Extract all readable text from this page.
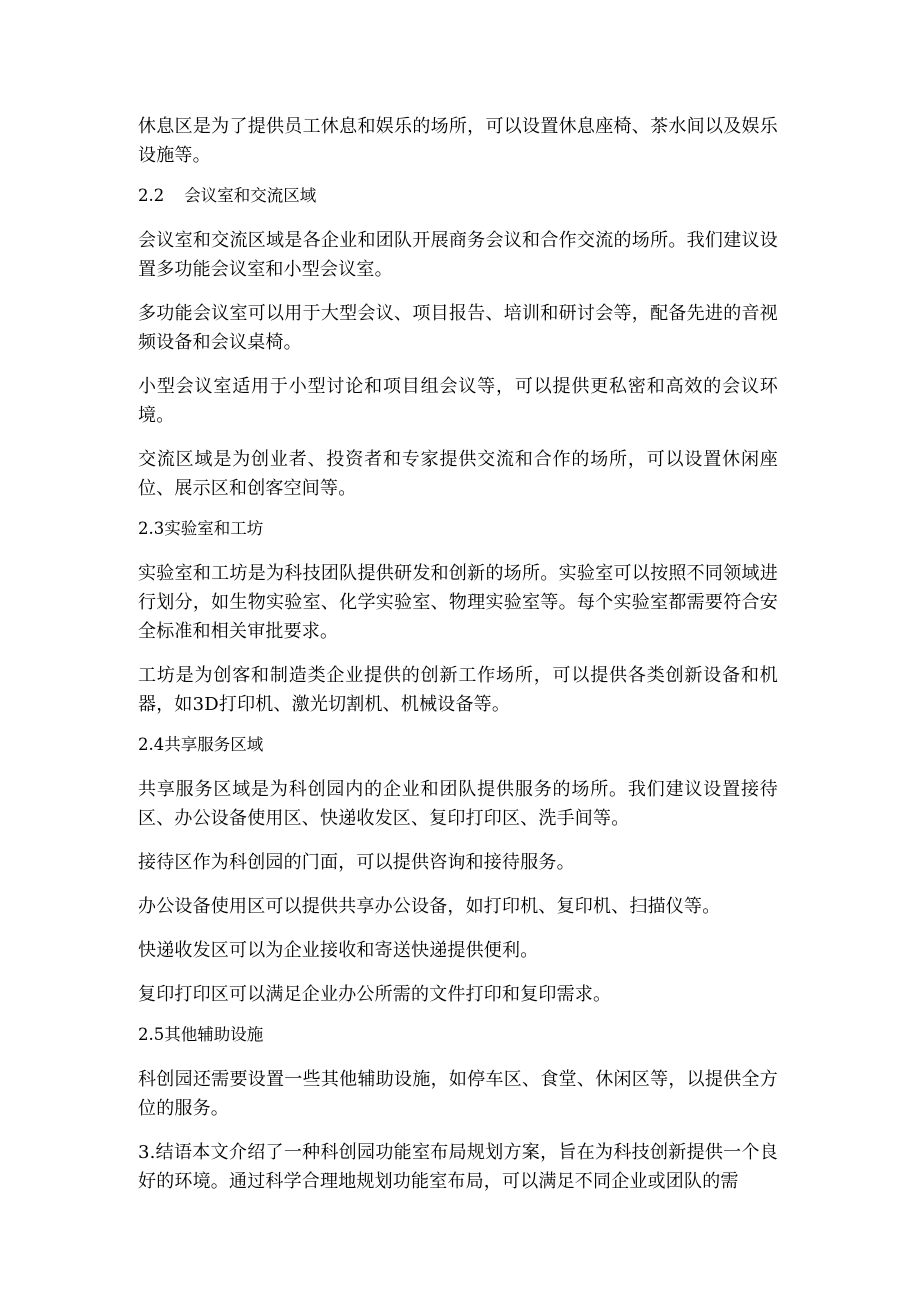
休息区是为了提供员工休息和娱乐的场所，可以设置休息座椅、茶水间以及娱乐设施等。

2.2 会议室和交流区域

会议室和交流区域是各企业和团队开展商务会议和合作交流的场所。我们建议设置多功能会议室和小型会议室。

多功能会议室可以用于大型会议、项目报告、培训和研讨会等，配备先进的音视频设备和会议桌椅。

小型会议室适用于小型讨论和项目组会议等，可以提供更私密和高效的会议环境。

交流区域是为创业者、投资者和专家提供交流和合作的场所，可以设置休闲座位、展示区和创客空间等。

2.3实验室和工坊

实验室和工坊是为科技团队提供研发和创新的场所。实验室可以按照不同领域进行划分，如生物实验室、化学实验室、物理实验室等。每个实验室都需要符合安全标准和相关审批要求。

工坊是为创客和制造类企业提供的创新工作场所，可以提供各类创新设备和机器，如3D打印机、激光切割机、机械设备等。

2.4共享服务区域

共享服务区域是为科创园内的企业和团队提供服务的场所。我们建议设置接待区、办公设备使用区、快递收发区、复印打印区、洗手间等。

接待区作为科创园的门面，可以提供咨询和接待服务。

办公设备使用区可以提供共享办公设备，如打印机、复印机、扫描仪等。

快递收发区可以为企业接收和寄送快递提供便利。

复印打印区可以满足企业办公所需的文件打印和复印需求。

2.5其他辅助设施

科创园还需要设置一些其他辅助设施，如停车区、食堂、休闲区等，以提供全方位的服务。

3.结语本文介绍了一种科创园功能室布局规划方案，旨在为科技创新提供一个良好的环境。通过科学合理地规划功能室布局，可以满足不同企业或团队的需
